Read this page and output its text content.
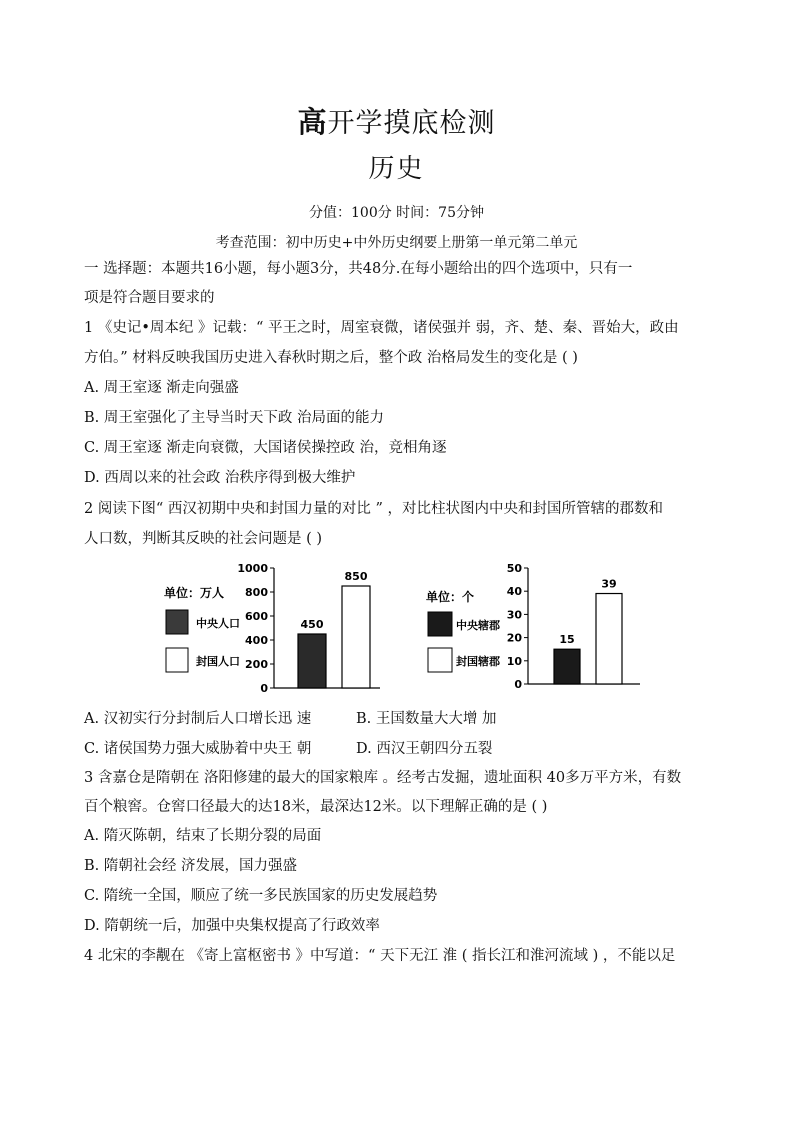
高开学摸底检测
历史
分值：100分 时间：75分钟
考查范围：初中历史+中外历史纲要上册第一单元第二单元
一 选择题：本题共16小题，每小题3分，共48分.在每小题给出的四个选项中，只有一
项是符合题目要求的
1 《史记•周本纪 》记载：“ 平王之时，周室衰微，诸侯强并 弱，齐、楚、秦、晋始大，政由
方伯。” 材料反映我国历史进入春秋时期之后，整个政 治格局发生的变化是 ( )
A. 周王室逐 渐走向强盛
B. 周王室强化了主导当时天下政 治局面的能力
C. 周王室逐 渐走向衰微，大国诸侯操控政 治，竞相角逐
D. 西周以来的社会政 治秩序得到极大维护
2 阅读下图“ 西汉初期中央和封国力量的对比 ” ，对比柱状图内中央和封国所管辖的郡数和
人口数，判断其反映的社会问题是 ( )
单位：万人
中央人口
封国人口
0
200
400
600
800
1000
450
850
单位：个
中央辖郡
封国辖郡
0
10
20
30
40
50
15
39
A. 汉初实行分封制后人口增长迅 速	B. 王国数量大大增 加
C. 诸侯国势力强大威胁着中央王 朝	D. 西汉王朝四分五裂
3 含嘉仓是隋朝在 洛阳修建的最大的国家粮库 。经考古发掘，遗址面积 40多万平方米，有数
百个粮窖。仓窖口径最大的达18米，最深达12米。以下理解正确的是 ( )
A. 隋灭陈朝，结束了长期分裂的局面
B. 隋朝社会经 济发展，国力强盛
C. 隋统一全国，顺应了统一多民族国家的历史发展趋势
D. 隋朝统一后，加强中央集权提高了行政效率
4 北宋的李觏在 《寄上富枢密书 》中写道：“ 天下无江 淮 ( 指长江和淮河流域 ) ，不能以足
